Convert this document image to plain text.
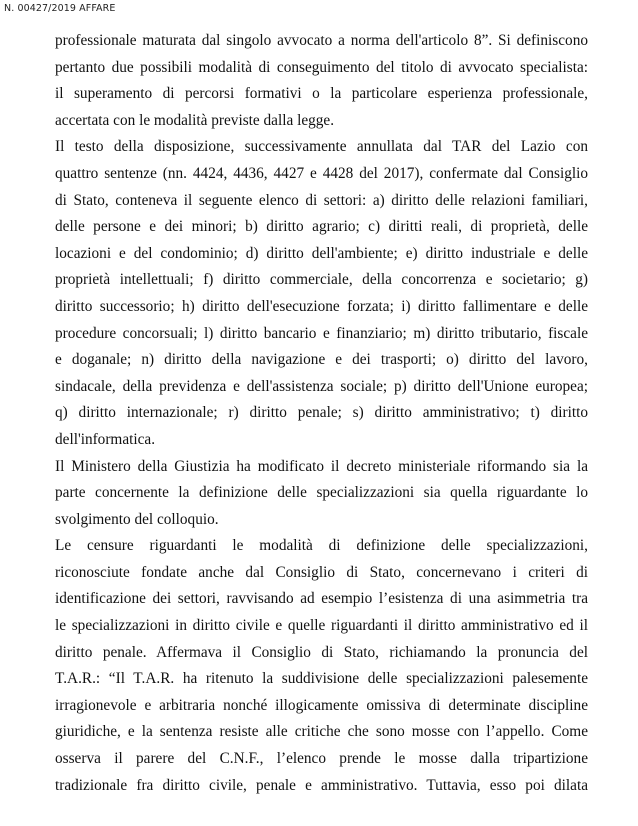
N. 00427/2019 AFFARE
professionale maturata dal singolo avvocato a norma dell'articolo 8”. Si definiscono
pertanto due possibili modalità di conseguimento del titolo di avvocato specialista:
il superamento di percorsi formativi o la particolare esperienza professionale,
accertata con le modalità previste dalla legge.
Il testo della disposizione, successivamente annullata dal TAR del Lazio con
quattro sentenze (nn. 4424, 4436, 4427 e 4428 del 2017), confermate dal Consiglio
di Stato, conteneva il seguente elenco di settori: a) diritto delle relazioni familiari,
delle persone e dei minori; b) diritto agrario; c) diritti reali, di proprietà, delle
locazioni e del condominio; d) diritto dell'ambiente; e) diritto industriale e delle
proprietà intellettuali; f) diritto commerciale, della concorrenza e societario; g)
diritto successorio; h) diritto dell'esecuzione forzata; i) diritto fallimentare e delle
procedure concorsuali; l) diritto bancario e finanziario; m) diritto tributario, fiscale
e doganale; n) diritto della navigazione e dei trasporti; o) diritto del lavoro,
sindacale, della previdenza e dell'assistenza sociale; p) diritto dell'Unione europea;
q) diritto internazionale; r) diritto penale; s) diritto amministrativo; t) diritto
dell'informatica.
Il Ministero della Giustizia ha modificato il decreto ministeriale riformando sia la
parte concernente la definizione delle specializzazioni sia quella riguardante lo
svolgimento del colloquio.
Le censure riguardanti le modalità di definizione delle specializzazioni,
riconosciute fondate anche dal Consiglio di Stato, concernevano i criteri di
identificazione dei settori, ravvisando ad esempio l’esistenza di una asimmetria tra
le specializzazioni in diritto civile e quelle riguardanti il diritto amministrativo ed il
diritto penale. Affermava il Consiglio di Stato, richiamando la pronuncia del
T.A.R.: “Il T.A.R. ha ritenuto la suddivisione delle specializzazioni palesemente
irragionevole e arbitraria nonché illogicamente omissiva di determinate discipline
giuridiche, e la sentenza resiste alle critiche che sono mosse con l’appello. Come
osserva il parere del C.N.F., l’elenco prende le mosse dalla tripartizione
tradizionale fra diritto civile, penale e amministrativo. Tuttavia, esso poi dilata
